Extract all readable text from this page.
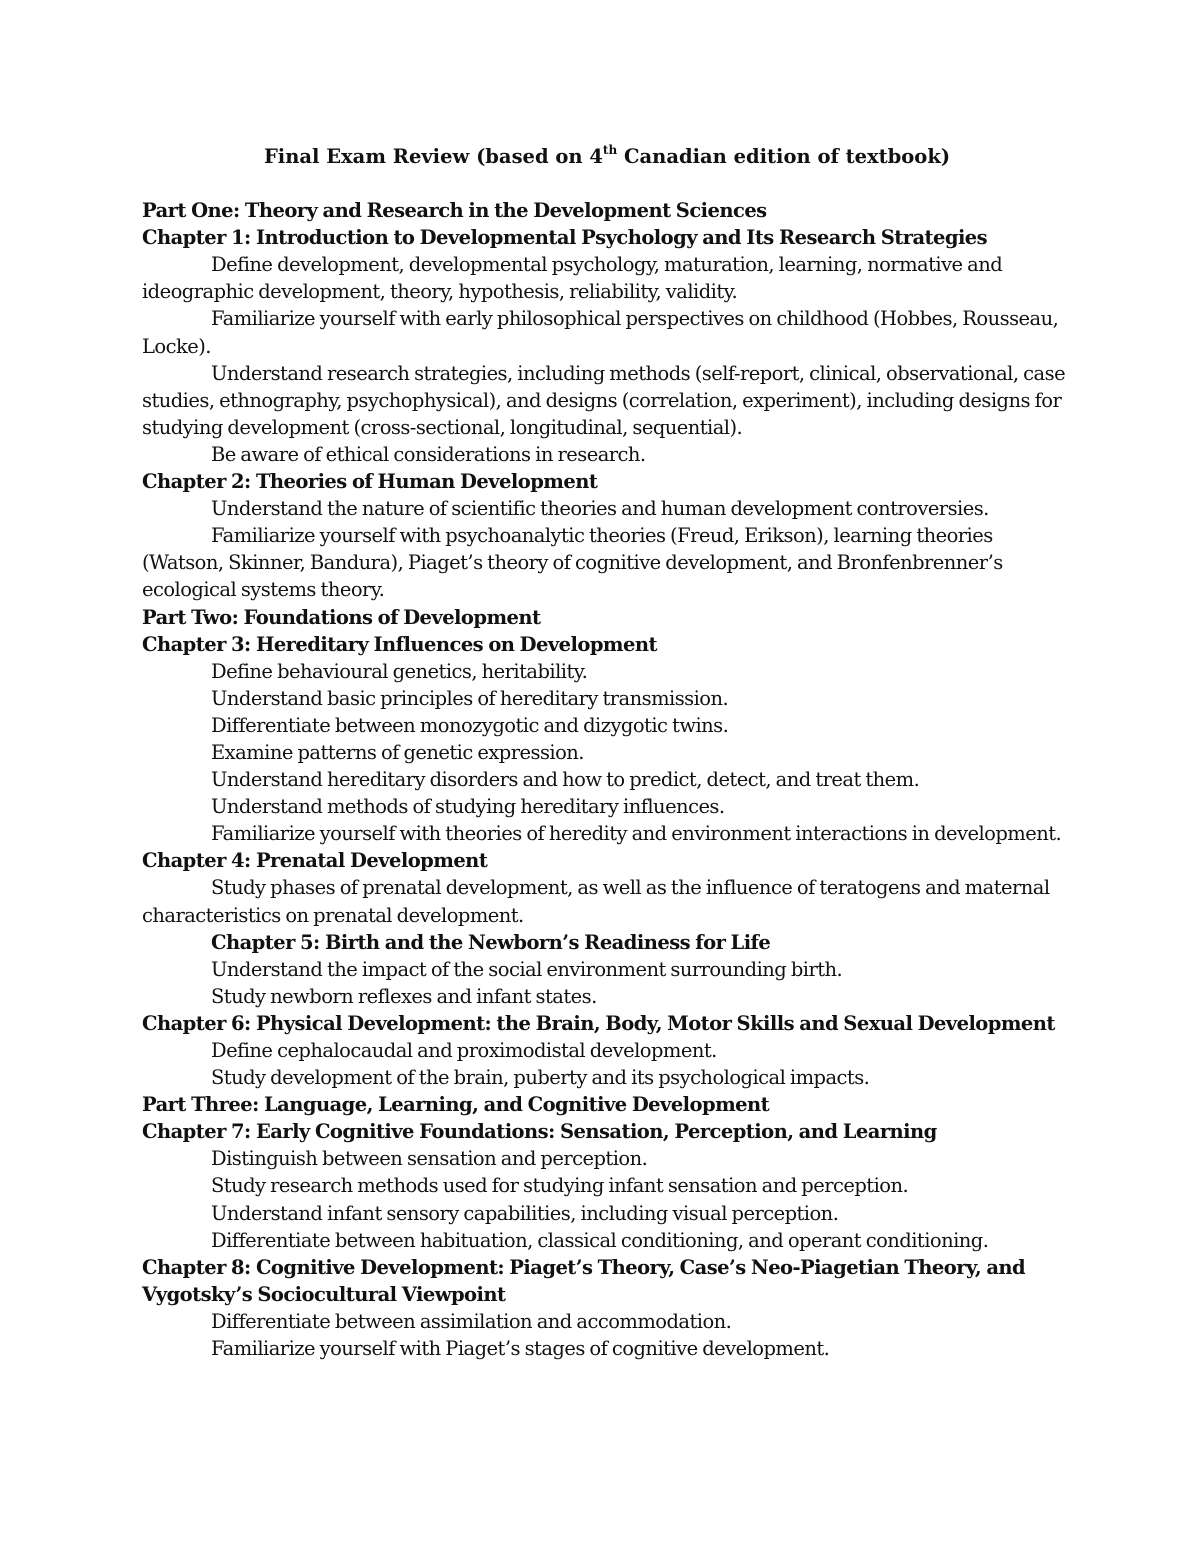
Final Exam Review (based on 4th Canadian edition of textbook)
Part One: Theory and Research in the Development Sciences
Chapter 1: Introduction to Developmental Psychology and Its Research Strategies
Define development, developmental psychology, maturation, learning, normative and ideographic development, theory, hypothesis, reliability, validity.
Familiarize yourself with early philosophical perspectives on childhood (Hobbes, Rousseau, Locke).
Understand research strategies, including methods (self-report, clinical, observational, case studies, ethnography, psychophysical), and designs (correlation, experiment), including designs for studying development (cross-sectional, longitudinal, sequential).
Be aware of ethical considerations in research.
Chapter 2: Theories of Human Development
Understand the nature of scientific theories and human development controversies.
Familiarize yourself with psychoanalytic theories (Freud, Erikson), learning theories (Watson, Skinner, Bandura), Piaget’s theory of cognitive development, and Bronfenbrenner’s ecological systems theory.
Part Two: Foundations of Development
Chapter 3: Hereditary Influences on Development
Define behavioural genetics, heritability.
Understand basic principles of hereditary transmission.
Differentiate between monozygotic and dizygotic twins.
Examine patterns of genetic expression.
Understand hereditary disorders and how to predict, detect, and treat them.
Understand methods of studying hereditary influences.
Familiarize yourself with theories of heredity and environment interactions in development.
Chapter 4: Prenatal Development
Study phases of prenatal development, as well as the influence of teratogens and maternal characteristics on prenatal development.
Chapter 5: Birth and the Newborn’s Readiness for Life
Understand the impact of the social environment surrounding birth.
Study newborn reflexes and infant states.
Chapter 6: Physical Development: the Brain, Body, Motor Skills and Sexual Development
Define cephalocaudal and proximodistal development.
Study development of the brain, puberty and its psychological impacts.
Part Three: Language, Learning, and Cognitive Development
Chapter 7: Early Cognitive Foundations: Sensation, Perception, and Learning
Distinguish between sensation and perception.
Study research methods used for studying infant sensation and perception.
Understand infant sensory capabilities, including visual perception.
Differentiate between habituation, classical conditioning, and operant conditioning.
Chapter 8: Cognitive Development: Piaget’s Theory, Case’s Neo-Piagetian Theory, and Vygotsky’s Sociocultural Viewpoint
Differentiate between assimilation and accommodation.
Familiarize yourself with Piaget’s stages of cognitive development.
